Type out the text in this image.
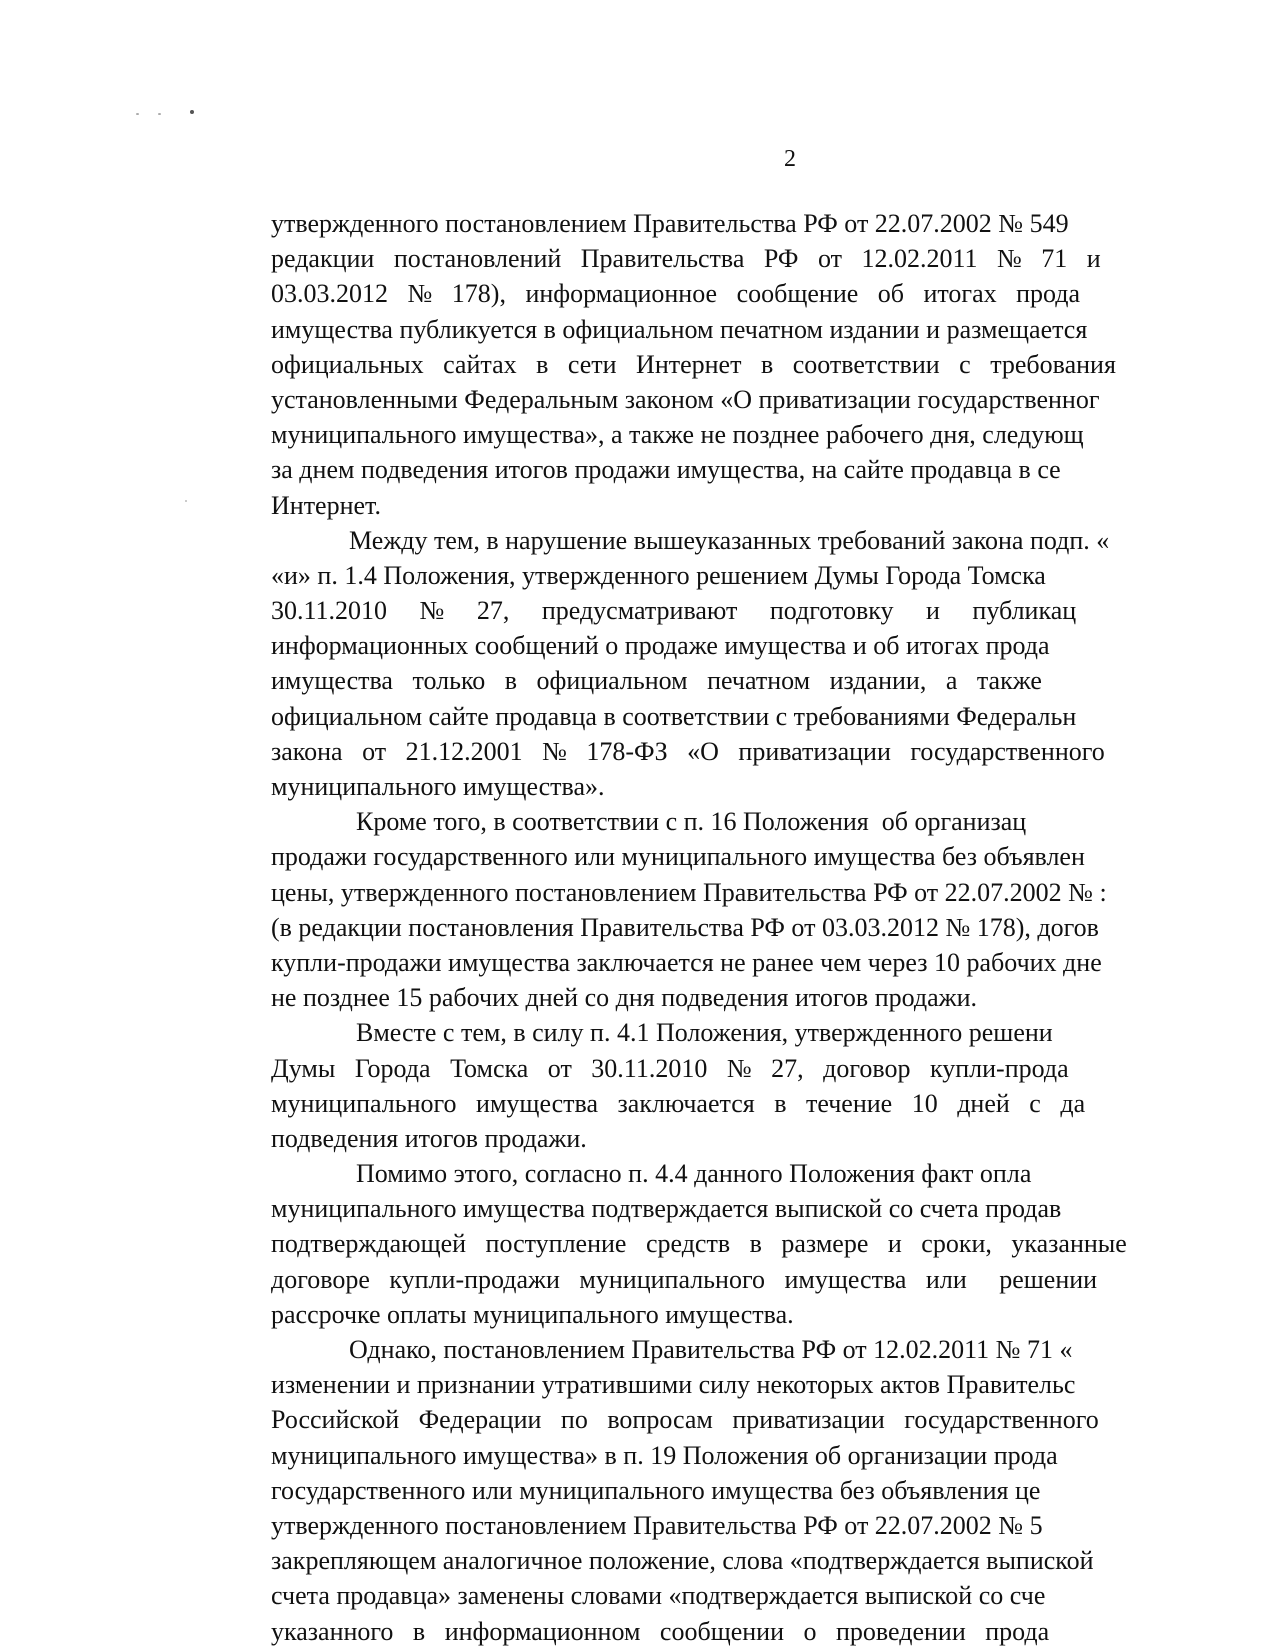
2
утвержденного постановлением Правительства РФ от 22.07.2002 № 549
редакции   постановлений   Правительства   РФ   от   12.02.2011   №   71   и
03.03.2012   №   178),   информационное   сообщение   об   итогах   прода
имущества публикуется в официальном печатном издании и размещается
официальных   сайтах   в   сети   Интернет   в   соответствии   с   требования
установленными Федеральным законом «О приватизации государственног
муниципального имущества», а также не позднее рабочего дня, следующ
за днем подведения итогов продажи имущества, на сайте продавца в се
Интернет.
Между тем, в нарушение вышеуказанных требований закона подп. «
«и» п. 1.4 Положения, утвержденного решением Думы Города Томска
30.11.2010     №     27,     предусматривают     подготовку     и     публикац
информационных сообщений о продаже имущества и об итогах прода
имущества   только   в   официальном   печатном   издании,   а   также
официальном сайте продавца в соответствии с требованиями Федеральн
закона   от   21.12.2001   №   178-ФЗ   «О   приватизации   государственного
муниципального имущества».
Кроме того, в соответствии с п. 16 Положения  об организац
продажи государственного или муниципального имущества без объявлен
цены, утвержденного постановлением Правительства РФ от 22.07.2002 № :
(в редакции постановления Правительства РФ от 03.03.2012 № 178), догов
купли-продажи имущества заключается не ранее чем через 10 рабочих дне
не позднее 15 рабочих дней со дня подведения итогов продажи.
Вместе с тем, в силу п. 4.1 Положения, утвержденного решени
Думы   Города   Томска   от   30.11.2010   №   27,   договор   купли-прода
муниципального   имущества   заключается   в   течение   10   дней   с   да
подведения итогов продажи.
Помимо этого, согласно п. 4.4 данного Положения факт опла
муниципального имущества подтверждается выпиской со счета продав
подтверждающей   поступление   средств   в   размере   и   сроки,   указанные
договоре   купли-продажи   муниципального   имущества   или     решении
рассрочке оплаты муниципального имущества.
Однако, постановлением Правительства РФ от 12.02.2011 № 71 «
изменении и признании утратившими силу некоторых актов Правительс
Российской   Федерации   по   вопросам   приватизации   государственного
муниципального имущества» в п. 19 Положения об организации прода
государственного или муниципального имущества без объявления це
утвержденного постановлением Правительства РФ от 22.07.2002 № 5
закрепляющем аналогичное положение, слова «подтверждается выпиской
счета продавца» заменены словами «подтверждается выпиской со сче
указанного   в   информационном   сообщении   о   проведении   прода
